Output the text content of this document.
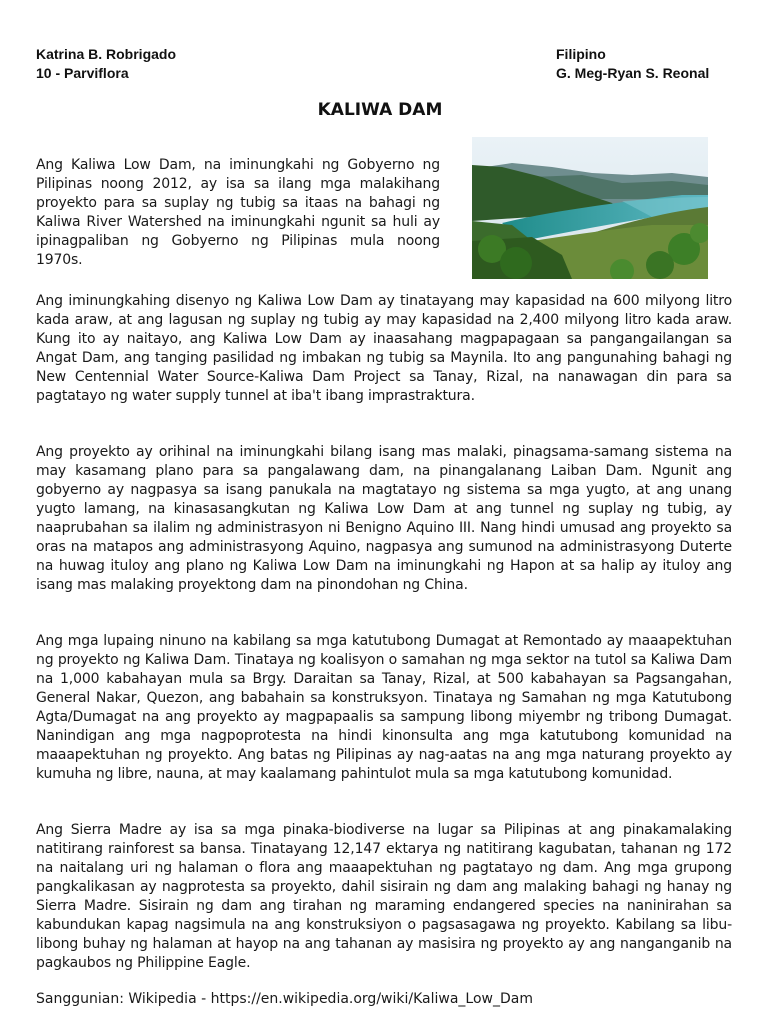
Katrina B. Robrigado
10 - Parviflora
Filipino
G. Meg-Ryan S. Reonal
KALIWA DAM

Ang Kaliwa Low Dam, na iminungkahi ng Gobyerno ng Pilipinas noong 2012, ay isa sa ilang mga malakihang proyekto para sa suplay ng tubig sa itaas na bahagi ng Kaliwa River Watershed na iminungkahi ngunit sa huli ay ipinagpaliban ng Gobyerno ng Pilipinas mula noong 1970s.

Ang iminungkahing disenyo ng Kaliwa Low Dam ay tinatayang may kapasidad na 600 milyong litro kada araw, at ang lagusan ng suplay ng tubig ay may kapasidad na 2,400 milyong litro kada araw. Kung ito ay naitayo, ang Kaliwa Low Dam ay inaasahang magpapagaan sa pangangailangan sa Angat Dam, ang tanging pasilidad ng imbakan ng tubig sa Maynila. Ito ang pangunahing bahagi ng New Centennial Water Source-Kaliwa Dam Project sa Tanay, Rizal, na nanawagan din para sa pagtatayo ng water supply tunnel at iba't ibang imprastraktura.

Ang proyekto ay orihinal na iminungkahi bilang isang mas malaki, pinagsama-samang sistema na may kasamang plano para sa pangalawang dam, na pinangalanang Laiban Dam. Ngunit ang gobyerno ay nagpasya sa isang panukala na magtatayo ng sistema sa mga yugto, at ang unang yugto lamang, na kinasasangkutan ng Kaliwa Low Dam at ang tunnel ng suplay ng tubig, ay naaprubahan sa ilalim ng administrasyon ni Benigno Aquino III. Nang hindi umusad ang proyekto sa oras na matapos ang administrasyong Aquino, nagpasya ang sumunod na administrasyong Duterte na huwag ituloy ang plano ng Kaliwa Low Dam na iminungkahi ng Hapon at sa halip ay ituloy ang isang mas malaking proyektong dam na pinondohan ng China.

Ang mga lupaing ninuno na kabilang sa mga katutubong Dumagat at Remontado ay maaapektuhan ng proyekto ng Kaliwa Dam. Tinataya ng koalisyon o samahan ng mga sektor na tutol sa Kaliwa Dam na 1,000 kabahayan mula sa Brgy. Daraitan sa Tanay, Rizal, at 500 kabahayan sa Pagsangahan, General Nakar, Quezon, ang babahain sa konstruksyon. Tinataya ng Samahan ng mga Katutubong Agta/Dumagat na ang proyekto ay magpapaalis sa sampung libong miyembr ng tribong Dumagat. Nanindigan ang mga nagpoprotesta na hindi kinonsulta ang mga katutubong komunidad na maaapektuhan ng proyekto. Ang batas ng Pilipinas ay nag-aatas na ang mga naturang proyekto ay kumuha ng libre, nauna, at may kaalamang pahintulot mula sa mga katutubong komunidad.

Ang Sierra Madre ay isa sa mga pinaka-biodiverse na lugar sa Pilipinas at ang pinakamalaking natitirang rainforest sa bansa. Tinatayang 12,147 ektarya ng natitirang kagubatan, tahanan ng 172 na naitalang uri ng halaman o flora ang maaapektuhan ng pagtatayo ng dam. Ang mga grupong pangkalikasan ay nagprotesta sa proyekto, dahil sisirain ng dam ang malaking bahagi ng hanay ng Sierra Madre. Sisirain ng dam ang tirahan ng maraming endangered species na naninirahan sa kabundukan kapag nagsimula na ang konstruksiyon o pagsasagawa ng proyekto. Kabilang sa libu-libong buhay ng halaman at hayop na ang tahanan ay masisira ng proyekto ay ang nanganganib na pagkaubos ng Philippine Eagle.

Sanggunian: Wikipedia - https://en.wikipedia.org/wiki/Kaliwa_Low_Dam
